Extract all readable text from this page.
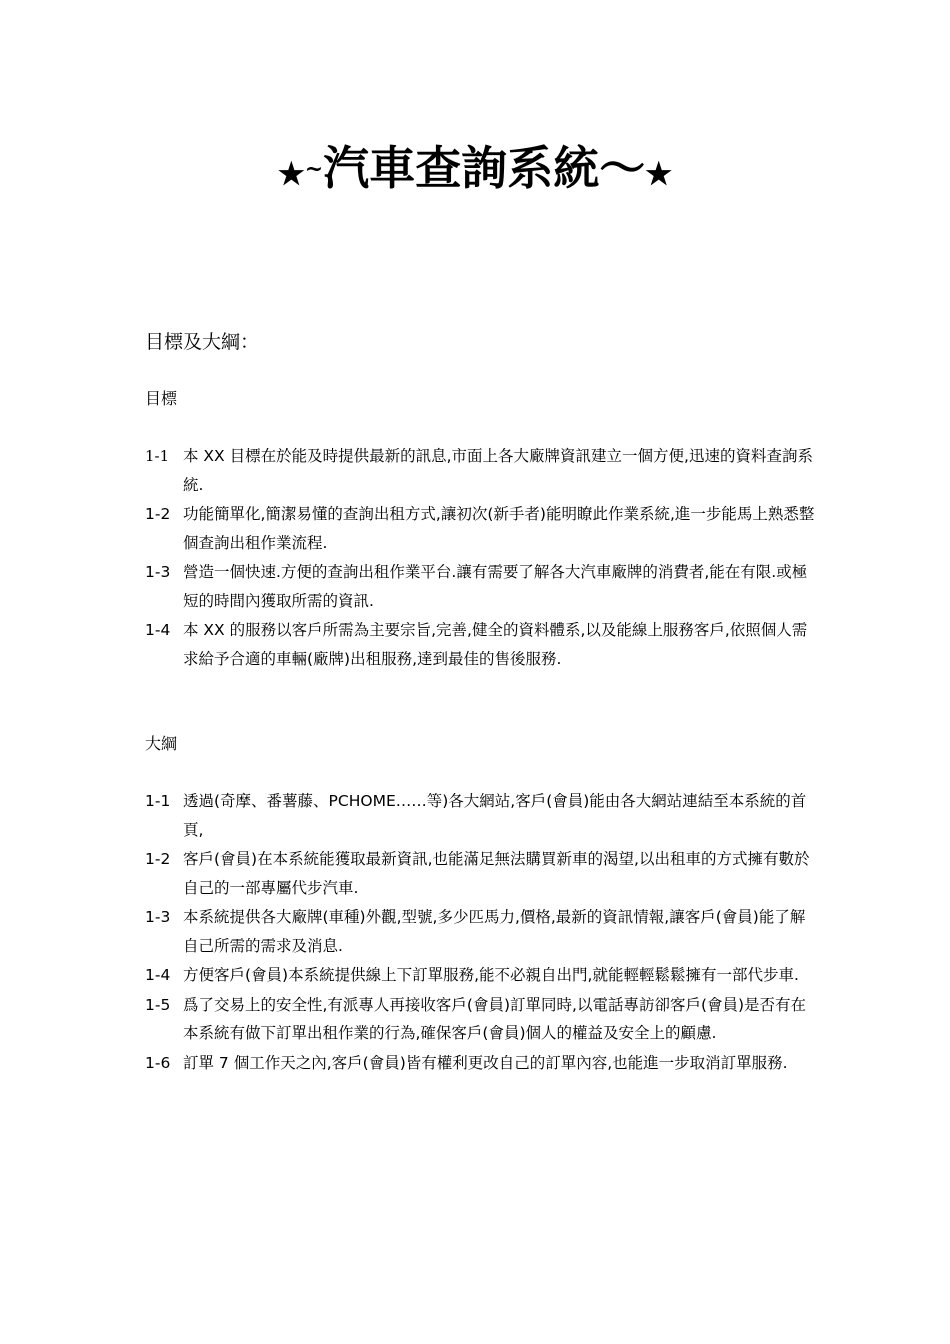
★~汽車查詢系統～★
目標及大綱：
目標
1-1 本 XX 目標在於能及時提供最新的訊息,市面上各大廠牌資訊建立一個方便,迅速的資料查詢系統.
1-2 功能簡單化,簡潔易懂的查詢出租方式,讓初次(新手者)能明瞭此作業系統,進一步能馬上熟悉整個查詢出租作業流程.
1-3 營造一個快速.方便的查詢出租作業平台.讓有需要了解各大汽車廠牌的消費者,能在有限.或極短的時間內獲取所需的資訊.
1-4 本 XX 的服務以客戶所需為主要宗旨,完善,健全的資料體系,以及能線上服務客戶,依照個人需求給予合適的車輛(廠牌)出租服務,達到最佳的售後服務.
大綱
1-1 透過(奇摩、番薯藤、PCHOME……等)各大網站,客戶(會員)能由各大網站連結至本系統的首頁,
1-2 客戶(會員)在本系統能獲取最新資訊,也能滿足無法購買新車的渴望,以出租車的方式擁有數於自己的一部專屬代步汽車.
1-3 本系統提供各大廠牌(車種)外觀,型號,多少匹馬力,價格,最新的資訊情報,讓客戶(會員)能了解自己所需的需求及消息.
1-4 方便客戶(會員)本系統提供線上下訂單服務,能不必親自出門,就能輕輕鬆鬆擁有一部代步車.
1-5 爲了交易上的安全性,有派專人再接收客戶(會員)訂單同時,以電話專訪卻客戶(會員)是否有在本系統有做下訂單出租作業的行為,確保客戶(會員)個人的權益及安全上的顧慮.
1-6 訂單 7 個工作天之內,客戶(會員)皆有權利更改自己的訂單內容,也能進一步取消訂單服務.
